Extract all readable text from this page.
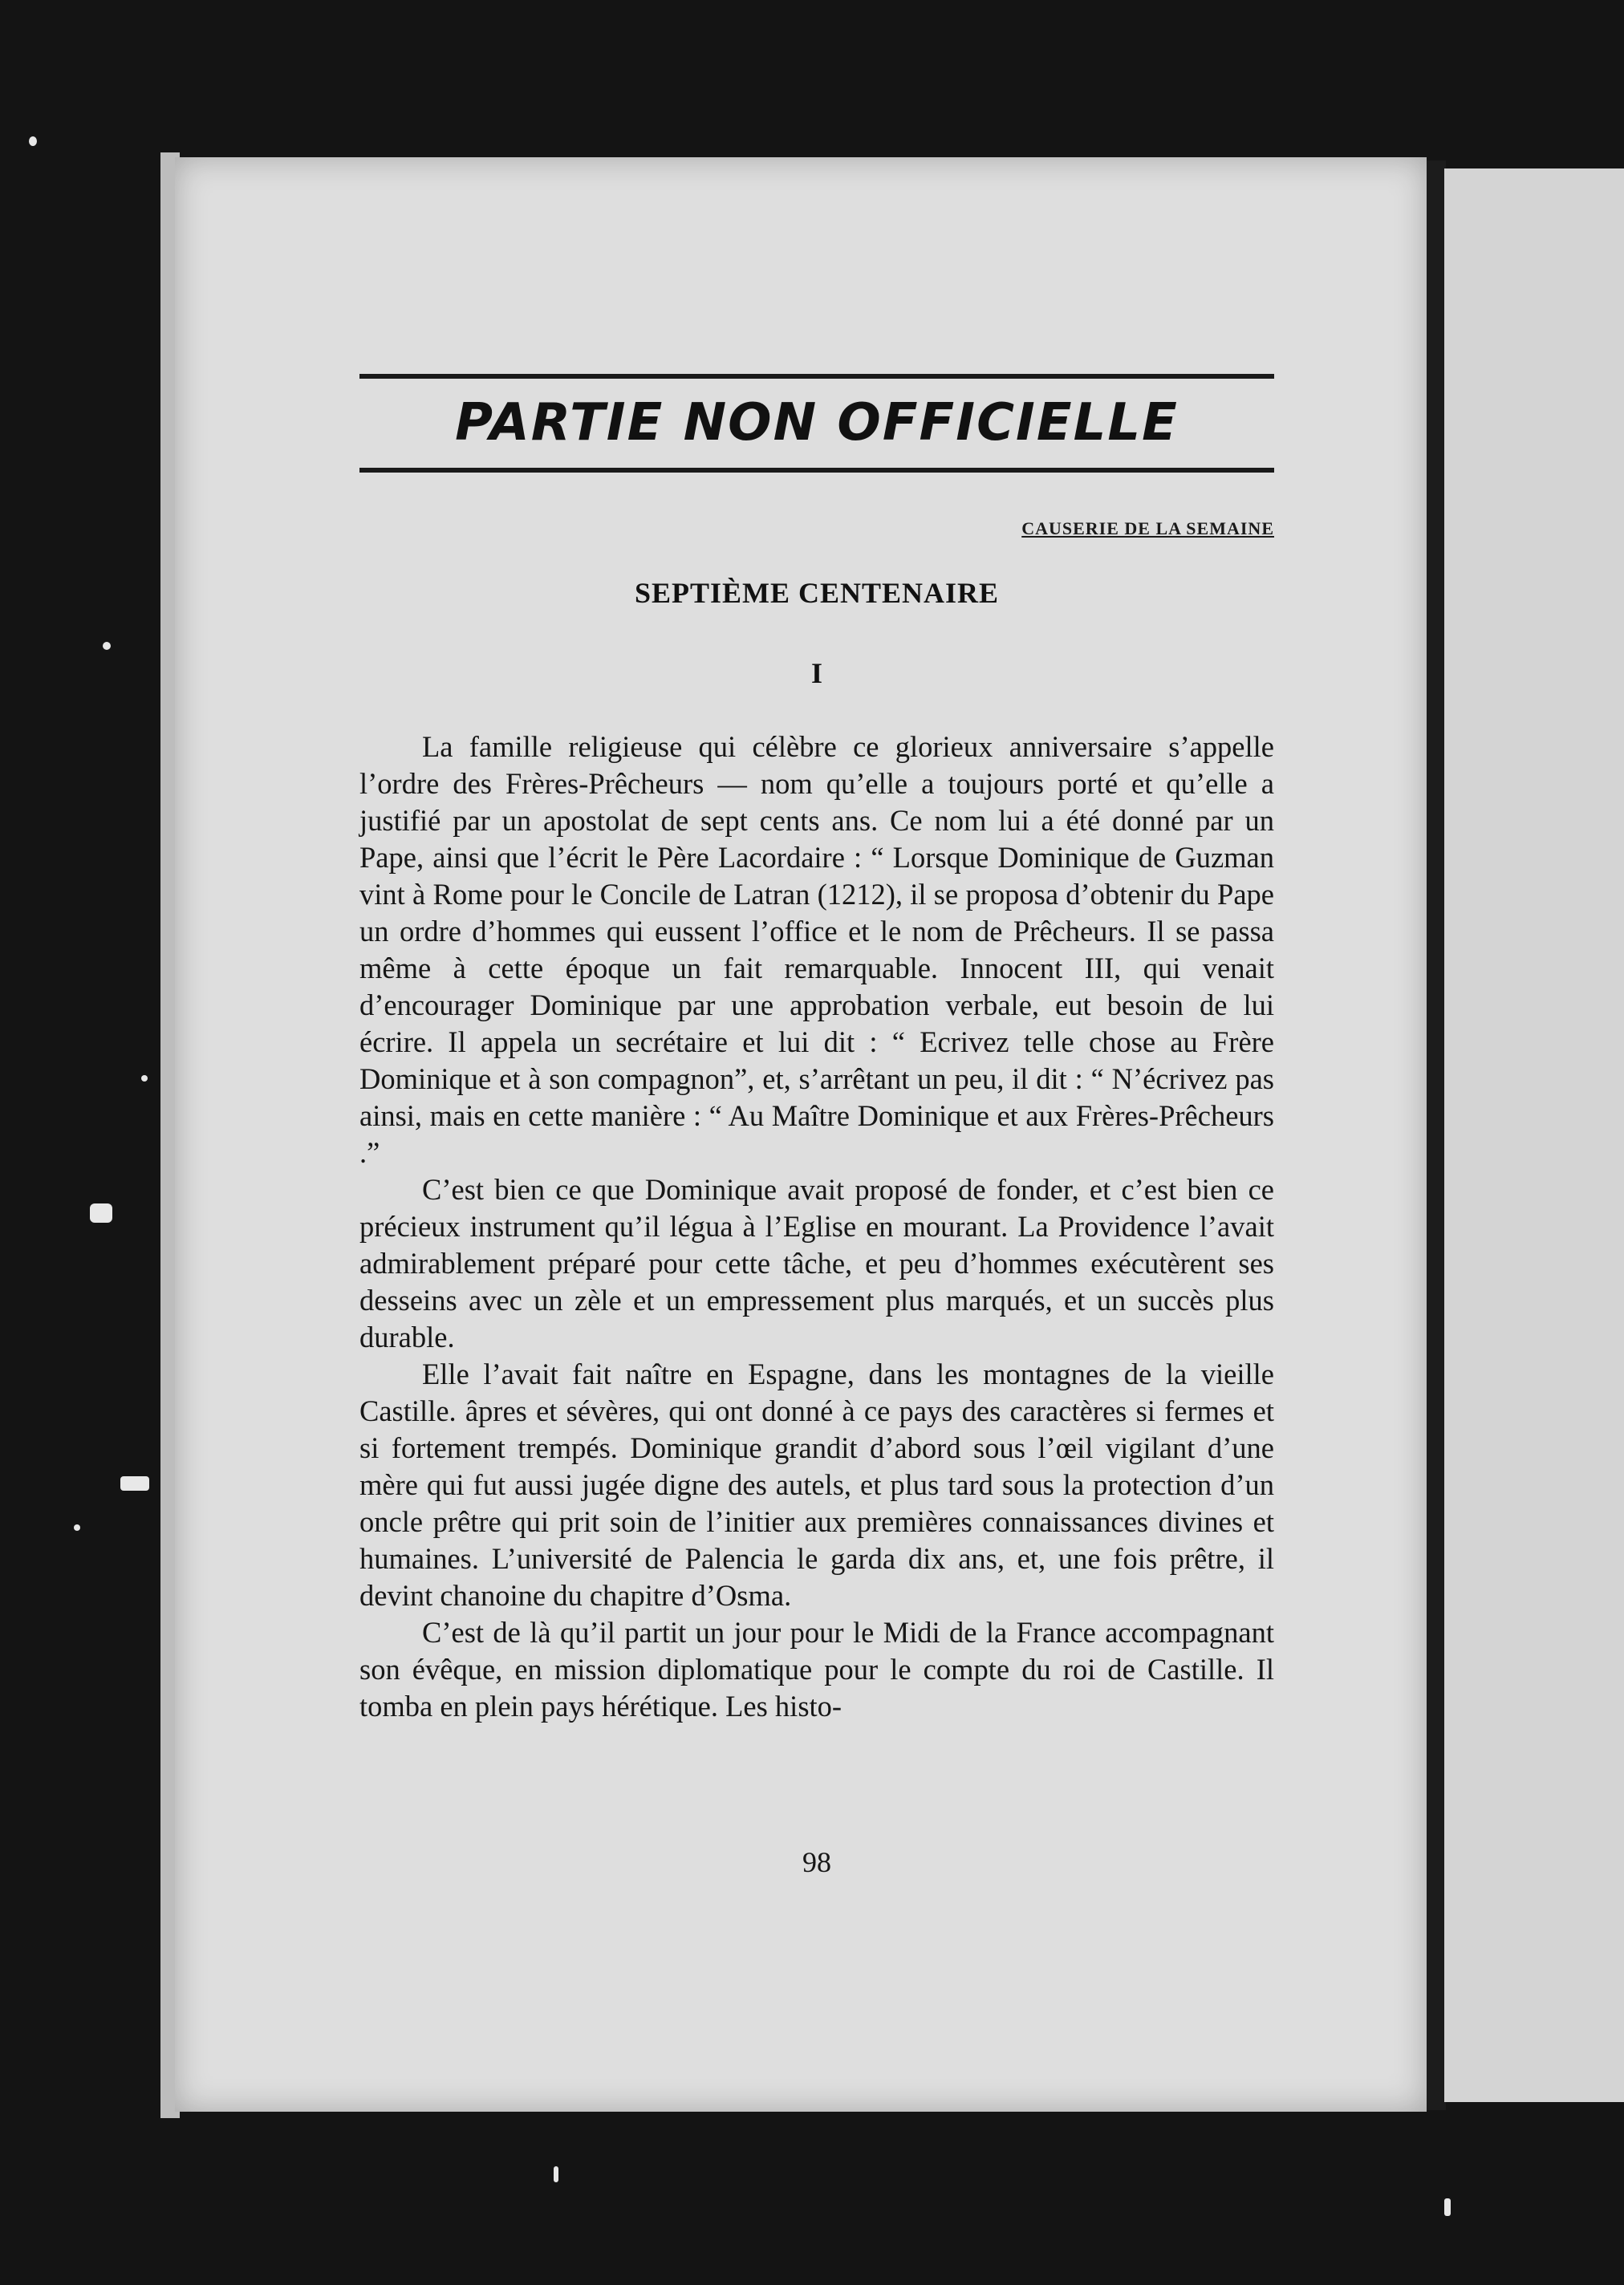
PARTIE NON OFFICIELLE
CAUSERIE DE LA SEMAINE
SEPTIÈME CENTENAIRE
I

La famille religieuse qui célèbre ce glorieux anniversaire s’appelle l’ordre des Frères-Prêcheurs — nom qu’elle a toujours porté et qu’elle a justifié par un apostolat de sept cents ans. Ce nom lui a été donné par un Pape, ainsi que l’écrit le Père Lacordaire : “ Lorsque Dominique de Guzman vint à Rome pour le Concile de Latran (1212), il se proposa d’obtenir du Pape un ordre d’hommes qui eussent l’office et le nom de Prêcheurs. Il se passa même à cette époque un fait remarquable. Innocent III, qui venait d’encourager Dominique par une approbation verbale, eut besoin de lui écrire. Il appela un secrétaire et lui dit : “ Ecrivez telle chose au Frère Dominique et à son compagnon”, et, s’arrêtant un peu, il dit : “ N’écrivez pas ainsi, mais en cette manière : “ Au Maître Dominique et aux Frères-Prêcheurs .”

C’est bien ce que Dominique avait proposé de fonder, et c’est bien ce précieux instrument qu’il légua à l’Eglise en mourant. La Providence l’avait admirablement préparé pour cette tâche, et peu d’hommes exécutèrent ses desseins avec un zèle et un empressement plus marqués, et un succès plus durable.

Elle l’avait fait naître en Espagne, dans les montagnes de la vieille Castille. âpres et sévères, qui ont donné à ce pays des caractères si fermes et si fortement trempés. Dominique grandit d’abord sous l’œil vigilant d’une mère qui fut aussi jugée digne des autels, et plus tard sous la protection d’un oncle prêtre qui prit soin de l’initier aux premières connaissances divines et humaines. L’université de Palencia le garda dix ans, et, une fois prêtre, il devint chanoine du chapitre d’Osma.

C’est de là qu’il partit un jour pour le Midi de la France accompagnant son évêque, en mission diplomatique pour le compte du roi de Castille. Il tomba en plein pays hérétique. Les histo-

98
